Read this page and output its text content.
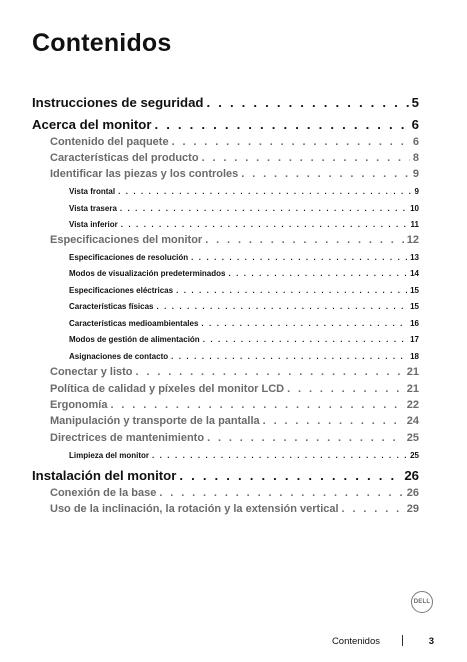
Contenidos
Instrucciones de seguridad . . .	5
Acerca del monitor . . .	6
Contenido del paquete . . .	6
Características del producto . . .	8
Identificar las piezas y los controles . . .	9
Vista frontal . . .	9
Vista trasera . . .	10
Vista inferior . . .	11
Especificaciones del monitor . . .	12
Especificaciones de resolución . . .	13
Modos de visualización predeterminados . . .	14
Especificaciones eléctricas . . .	15
Características físicas . . .	15
Características medioambientales . . .	16
Modos de gestión de alimentación . . .	17
Asignaciones de contacto . . .	18
Conectar y listo . . .	21
Política de calidad y píxeles del monitor LCD . . .	21
Ergonomía . . .	22
Manipulación y transporte de la pantalla . . .	24
Directrices de mantenimiento . . .	25
Limpieza del monitor . . .	25
Instalación del monitor . . .	26
Conexión de la base . . .	26
Uso de la inclinación, la rotación y la extensión vertical . . .	29
DELL
Contenidos	3
